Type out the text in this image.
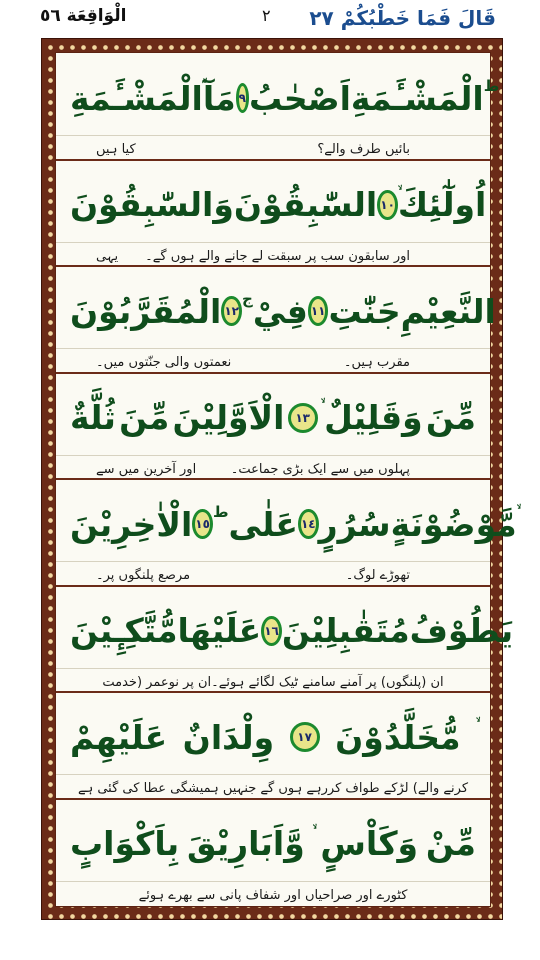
الْوَاقِعَة ٥٦	٢ قَالَ فَمَا خَطْبُكُمْ ٢٧
الْمَشْـَٔمَةِ مَآ ٩ اَصْحٰبُ الْمَشْـَٔمَةِ ط
کیا ہیں	بائیں طرف والے؟
وَالسّٰبِقُوْنَ السّٰبِقُوْنَ ١٠ اُولٰٓئِكَ
اور سابقون سب پر سبقت لے جانے والے ہوں گے۔
یہی
الْمُقَرَّبُوْنَ ١٢
ج فِيْ ١١ جَنّٰتِ النَّعِيْمِ
مقرب ہیں۔
نعمتوں والی جنّتوں میں۔
ثُلَّةٌ مِّنَ الْاَوَّلِيْنَ ١٣ وَقَلِيْلٌ مِّنَ
پہلوں میں سے ایک بڑی جماعت۔
اور آخرین میں سے
الْاٰخِرِيْنَ ١٥
ط عَلٰى ١٤ سُرُرٍ مَّوْضُوْنَةٍ
تھوڑے لوگ۔
مرصع پلنگوں پر۔
مُّتَّكِـِٕيْنَ عَلَيْهَا ١٦ مُتَقٰبِلِيْنَ يَطُوْفُ
ان (پلنگوں) پر آمنے سامنے ٹیک لگائے ہوئے۔ان پر نوعمر (خدمت
عَلَيْهِمْ وِلْدَانٌ	١٧ مُّخَلَّدُوْنَ
کرنے والے) لڑکے طواف کررہے ہوں گے جنہیں ہمیشگی عطا کی گئی ہے
بِاَكْوَابٍ وَّاَبَارِيْقَ وَكَاْسٍ مِّنْ
کٹورے اور صراحیاں اور شفاف پانی سے بھرے ہوئے
